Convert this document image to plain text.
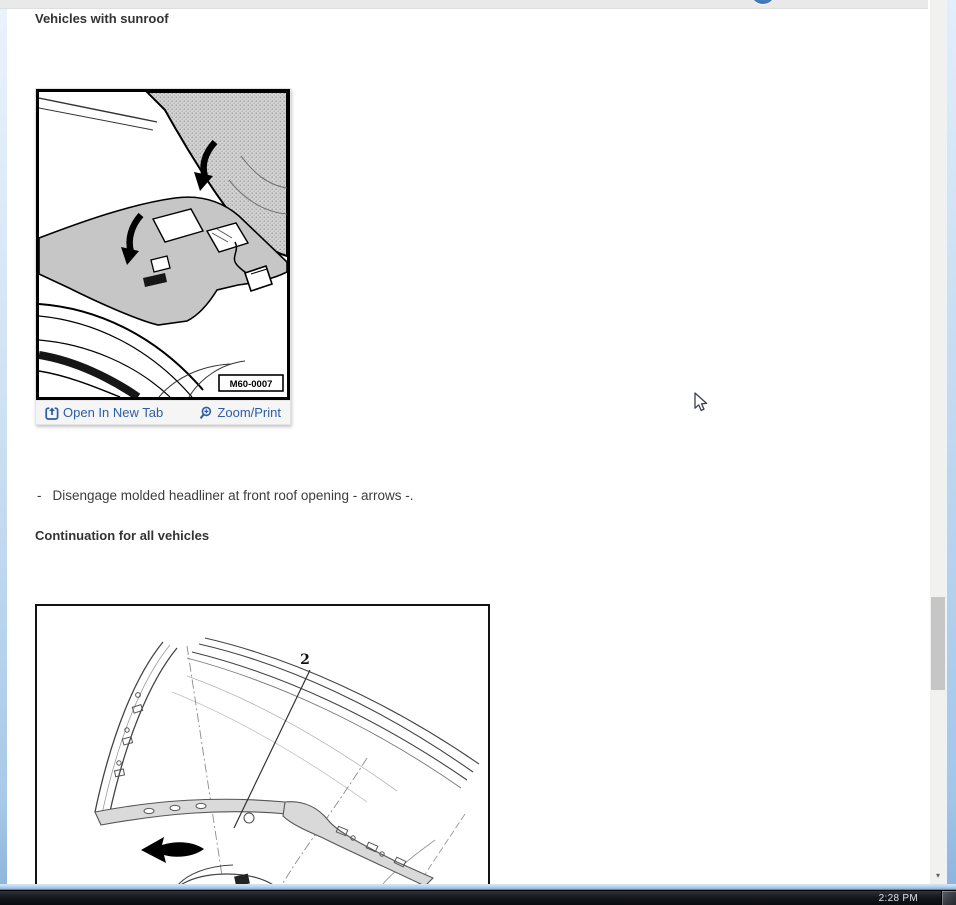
Vehicles with sunroof
M60-0007
Open In New Tab	Zoom/Print
- Disengage molded headliner at front roof opening - arrows -.
Continuation for all vehicles
2
▾
2:28 PM
